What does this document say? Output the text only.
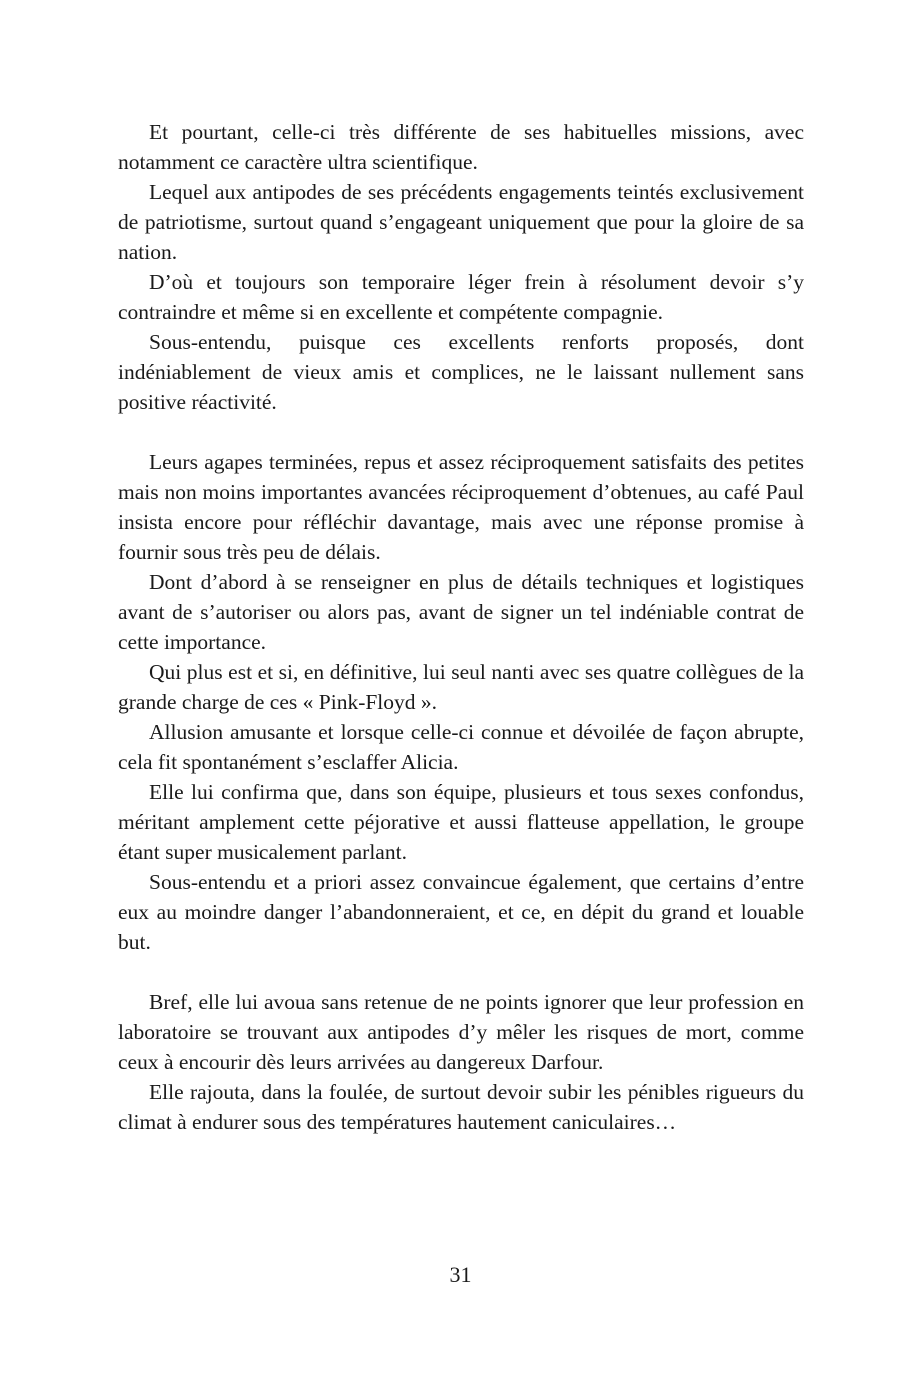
Et pourtant, celle-ci très différente de ses habituelles missions, avec notamment ce caractère ultra scientifique.

Lequel aux antipodes de ses précédents engagements teintés exclusivement de patriotisme, surtout quand s’engageant uniquement que pour la gloire de sa nation.

D’où et toujours son temporaire léger frein à résolument devoir s’y contraindre et même si en excellente et compétente compagnie.

Sous-entendu, puisque ces excellents renforts proposés, dont indéniablement de vieux amis et complices, ne le laissant nullement sans positive réactivité.

Leurs agapes terminées, repus et assez réciproquement satisfaits des petites mais non moins importantes avancées réciproquement d’obtenues, au café Paul insista encore pour réfléchir davantage, mais avec une réponse promise à fournir sous très peu de délais.

Dont d’abord à se renseigner en plus de détails techniques et logistiques avant de s’autoriser ou alors pas, avant de signer un tel indéniable contrat de cette importance.

Qui plus est et si, en définitive, lui seul nanti avec ses quatre collègues de la grande charge de ces « Pink-Floyd ».

Allusion amusante et lorsque celle-ci connue et dévoilée de façon abrupte, cela fit spontanément s’esclaffer Alicia.

Elle lui confirma que, dans son équipe, plusieurs et tous sexes confondus, méritant amplement cette péjorative et aussi flatteuse appellation, le groupe étant super musicalement parlant.

Sous-entendu et a priori assez convaincue également, que certains d’entre eux au moindre danger l’abandonneraient, et ce, en dépit du grand et louable but.

Bref, elle lui avoua sans retenue de ne points ignorer que leur profession en laboratoire se trouvant aux antipodes d’y mêler les risques de mort, comme ceux à encourir dès leurs arrivées au dangereux Darfour.

Elle rajouta, dans la foulée, de surtout devoir subir les pénibles rigueurs du climat à endurer sous des températures hautement caniculaires…

31
